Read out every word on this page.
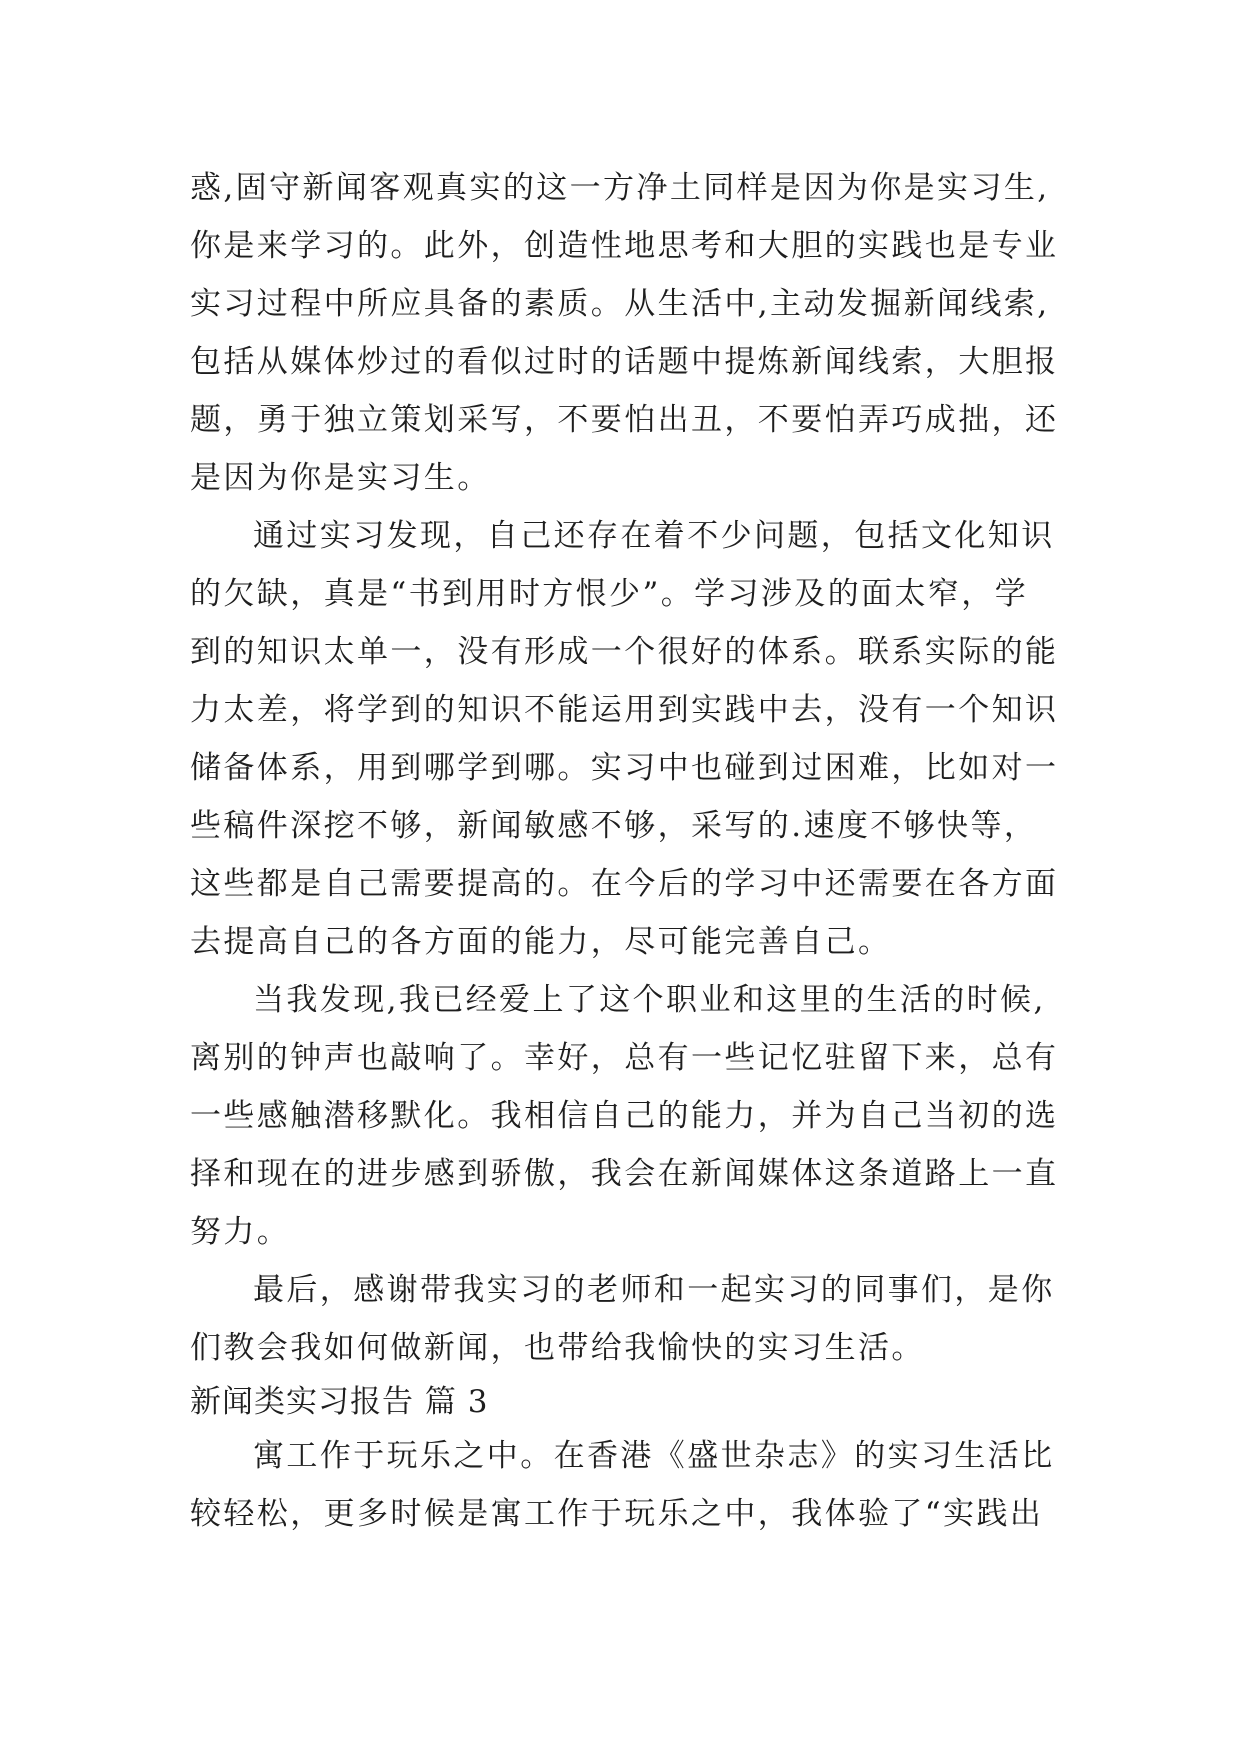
惑,固守新闻客观真实的这一方净土同样是因为你是实习生,

你是来学习的。此外，创造性地思考和大胆的实践也是专业

实习过程中所应具备的素质。从生活中,主动发掘新闻线索,

包括从媒体炒过的看似过时的话题中提炼新闻线索，大胆报

题，勇于独立策划采写，不要怕出丑，不要怕弄巧成拙，还

是因为你是实习生。

通过实习发现，自己还存在着不少问题，包括文化知识

的欠缺，真是“书到用时方恨少”。学习涉及的面太窄，学

到的知识太单一，没有形成一个很好的体系。联系实际的能

力太差，将学到的知识不能运用到实践中去，没有一个知识

储备体系，用到哪学到哪。实习中也碰到过困难，比如对一

些稿件深挖不够，新闻敏感不够，采写的.速度不够快等，

这些都是自己需要提高的。在今后的学习中还需要在各方面

去提高自己的各方面的能力，尽可能完善自己。

当我发现,我已经爱上了这个职业和这里的生活的时候,

离别的钟声也敲响了。幸好，总有一些记忆驻留下来，总有

一些感触潜移默化。我相信自己的能力，并为自己当初的选

择和现在的进步感到骄傲，我会在新闻媒体这条道路上一直

努力。

最后，感谢带我实习的老师和一起实习的同事们，是你

们教会我如何做新闻，也带给我愉快的实习生活。

新闻类实习报告 篇 3

寓工作于玩乐之中。在香港《盛世杂志》的实习生活比

较轻松，更多时候是寓工作于玩乐之中，我体验了“实践出
